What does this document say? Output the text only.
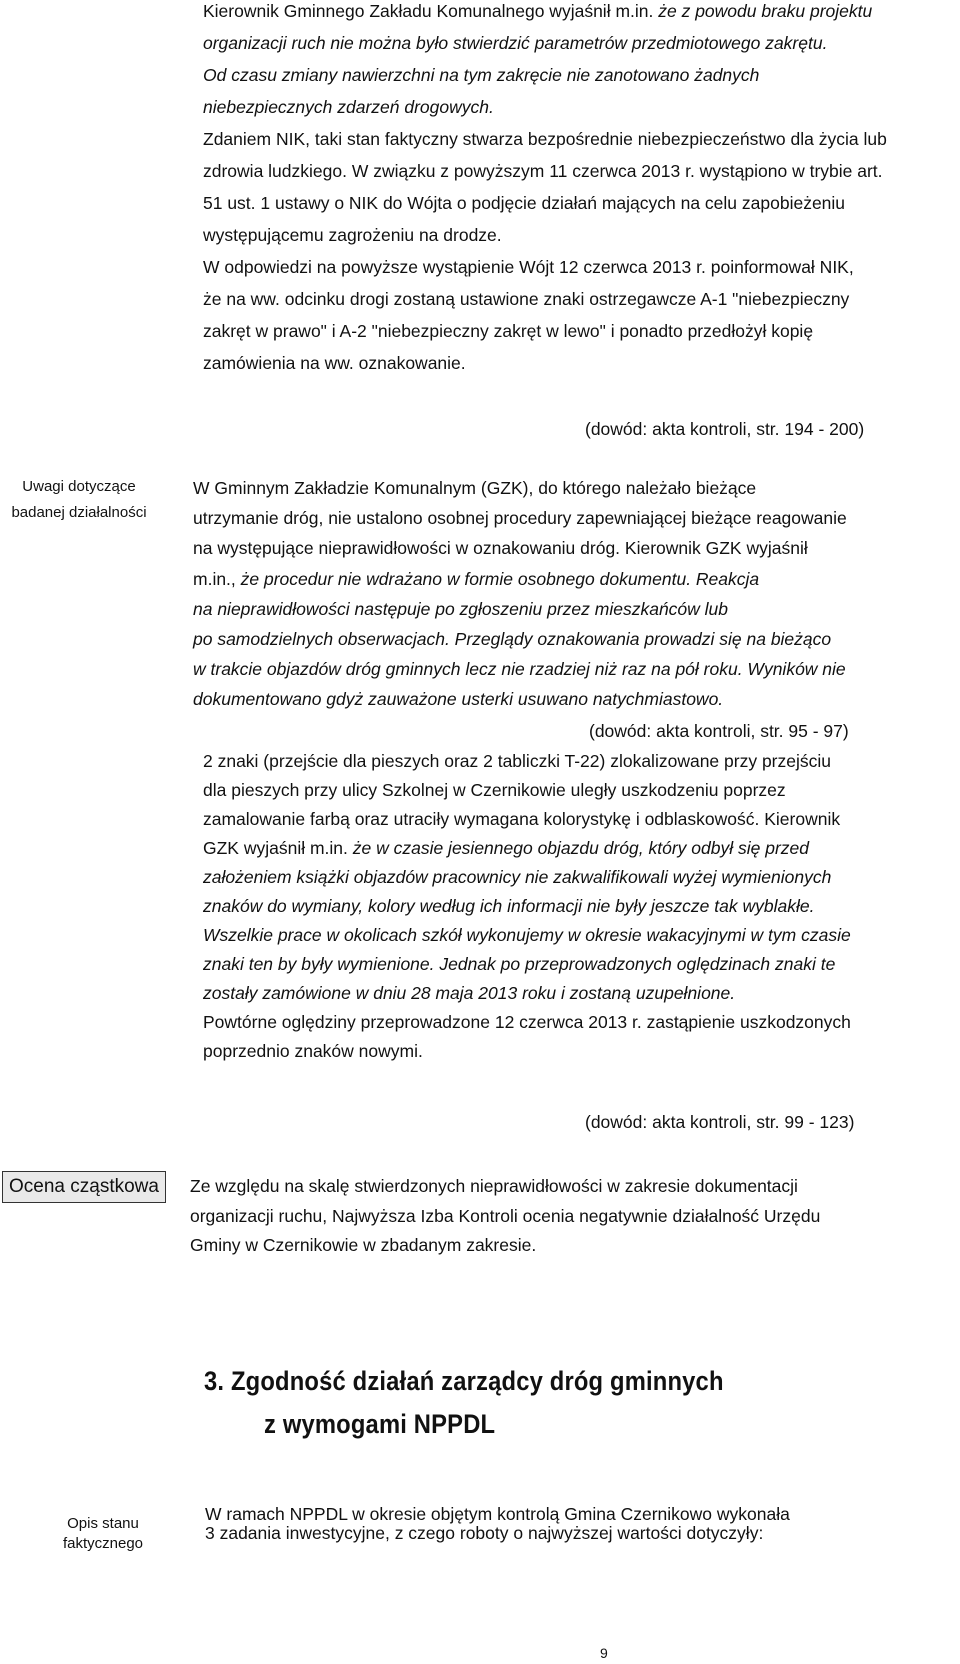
Kierownik Gminnego Zakładu Komunalnego wyjaśnił m.in. że z powodu braku projektu
organizacji ruch nie można było stwierdzić parametrów przedmiotowego zakrętu.
Od czasu zmiany nawierzchni na tym zakręcie nie zanotowano żadnych
niebezpiecznych zdarzeń drogowych.
Zdaniem NIK, taki stan faktyczny stwarza bezpośrednie niebezpieczeństwo dla życia lub
zdrowia ludzkiego. W związku z powyższym 11 czerwca 2013 r. wystąpiono w trybie art.
51 ust. 1 ustawy o NIK do Wójta o podjęcie działań mających na celu zapobieżeniu
występującemu zagrożeniu na drodze.
W odpowiedzi na powyższe wystąpienie Wójt 12 czerwca 2013 r. poinformował NIK,
że na ww. odcinku drogi zostaną ustawione znaki ostrzegawcze A-1 "niebezpieczny
zakręt w prawo" i A-2 "niebezpieczny zakręt w lewo" i ponadto przedłożył kopię
zamówienia na ww. oznakowanie.
(dowód: akta kontroli, str. 194 - 200)
Uwagi dotyczące badanej działalności
W Gminnym Zakładzie Komunalnym (GZK), do którego należało bieżące
utrzymanie dróg, nie ustalono osobnej procedury zapewniającej bieżące reagowanie
na występujące nieprawidłowości w oznakowaniu dróg. Kierownik GZK wyjaśnił
m.in., że procedur nie wdrażano w formie osobnego dokumentu. Reakcja
na nieprawidłowości następuje po zgłoszeniu przez mieszkańców lub
po samodzielnych obserwacjach. Przeglądy oznakowania prowadzi się na bieżąco
w trakcie objazdów dróg gminnych lecz nie rzadziej niż raz na pół roku. Wyników nie
dokumentowano gdyż zauważone usterki usuwano natychmiastowo.
(dowód: akta kontroli, str. 95 - 97)
2 znaki (przejście dla pieszych oraz 2 tabliczki T-22) zlokalizowane przy przejściu
dla pieszych przy ulicy Szkolnej w Czernikowie uległy uszkodzeniu poprzez
zamalowanie farbą oraz utraciły wymagana kolorystykę i odblaskowość. Kierownik
GZK wyjaśnił m.in. że w czasie jesiennego objazdu dróg, który odbył się przed
założeniem książki objazdów pracownicy nie zakwalifikowali wyżej wymienionych
znaków do wymiany, kolory według ich informacji nie były jeszcze tak wyblakłe.
Wszelkie prace w okolicach szkół wykonujemy w okresie wakacyjnymi w tym czasie
znaki ten by były wymienione. Jednak po przeprowadzonych oględzinach znaki te
zostały zamówione w dniu 28 maja 2013 roku i zostaną uzupełnione.
Powtórne oględziny przeprowadzone 12 czerwca 2013 r. zastąpienie uszkodzonych
poprzednio znaków nowymi.
(dowód: akta kontroli, str. 99 - 123)
Ocena cząstkowa	Ze względu na skalę stwierdzonych nieprawidłowości w zakresie dokumentacji
organizacji ruchu, Najwyższa Izba Kontroli ocenia negatywnie działalność Urzędu
Gminy w Czernikowie w zbadanym zakresie.
3. Zgodność działań zarządcy dróg gminnych
z wymogami NPPDL
Opis stanu faktycznego
W ramach NPPDL w okresie objętym kontrolą Gmina Czernikowo wykonała
3 zadania inwestycyjne, z czego roboty o najwyższej wartości dotyczyły:
9
